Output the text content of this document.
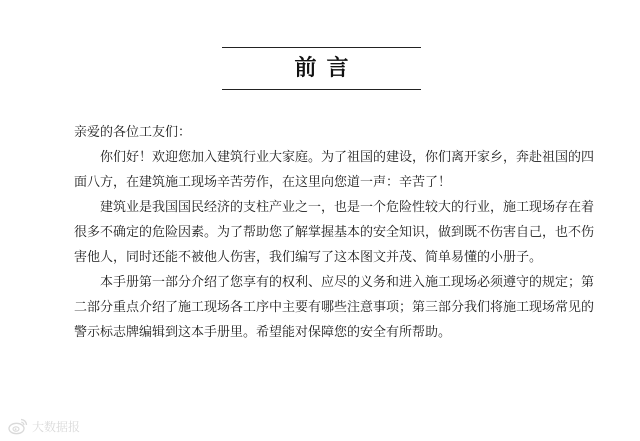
前言

亲爱的各位工友们：

你们好！欢迎您加入建筑行业大家庭。为了祖国的建设，你们离开家乡，奔赴祖国的四面八方，在建筑施工现场辛苦劳作，在这里向您道一声：辛苦了！

建筑业是我国国民经济的支柱产业之一，也是一个危险性较大的行业，施工现场存在着很多不确定的危险因素。为了帮助您了解掌握基本的安全知识，做到既不伤害自己，也不伤害他人，同时还能不被他人伤害，我们编写了这本图文并茂、简单易懂的小册子。

本手册第一部分介绍了您享有的权利、应尽的义务和进入施工现场必须遵守的规定；第二部分重点介绍了施工现场各工序中主要有哪些注意事项；第三部分我们将施工现场常见的警示标志牌编辑到这本手册里。希望能对保障您的安全有所帮助。

大数据报
